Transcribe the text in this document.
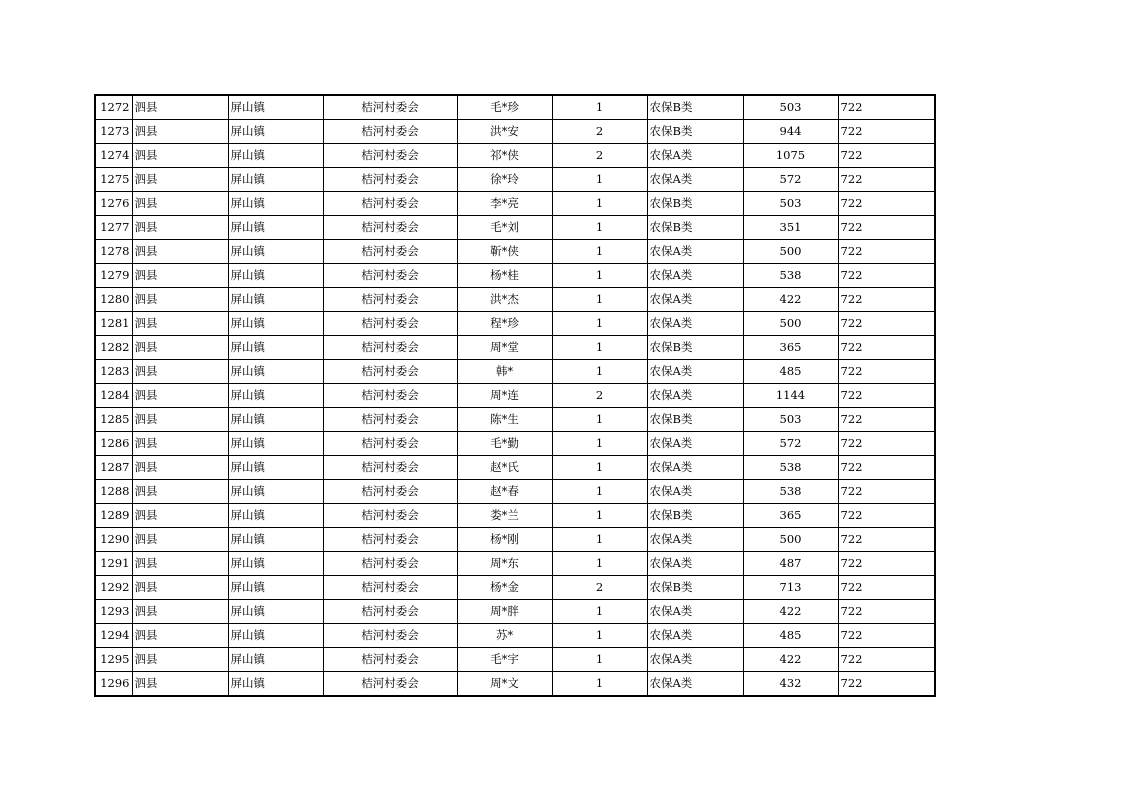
1272	泗县	屏山镇	桔河村委会	毛*珍	1	农保B类	503	722
1273	泗县	屏山镇	桔河村委会	洪*安	2	农保B类	944	722
1274	泗县	屏山镇	桔河村委会	祁*侠	2	农保A类	1075	722
1275	泗县	屏山镇	桔河村委会	徐*玲	1	农保A类	572	722
1276	泗县	屏山镇	桔河村委会	李*亮	1	农保B类	503	722
1277	泗县	屏山镇	桔河村委会	毛*刘	1	农保B类	351	722
1278	泗县	屏山镇	桔河村委会	靳*侠	1	农保A类	500	722
1279	泗县	屏山镇	桔河村委会	杨*桂	1	农保A类	538	722
1280	泗县	屏山镇	桔河村委会	洪*杰	1	农保A类	422	722
1281	泗县	屏山镇	桔河村委会	程*珍	1	农保A类	500	722
1282	泗县	屏山镇	桔河村委会	周*堂	1	农保B类	365	722
1283	泗县	屏山镇	桔河村委会	韩*	1	农保A类	485	722
1284	泗县	屏山镇	桔河村委会	周*连	2	农保A类	1144	722
1285	泗县	屏山镇	桔河村委会	陈*生	1	农保B类	503	722
1286	泗县	屏山镇	桔河村委会	毛*勤	1	农保A类	572	722
1287	泗县	屏山镇	桔河村委会	赵*氏	1	农保A类	538	722
1288	泗县	屏山镇	桔河村委会	赵*春	1	农保A类	538	722
1289	泗县	屏山镇	桔河村委会	娄*兰	1	农保B类	365	722
1290	泗县	屏山镇	桔河村委会	杨*刚	1	农保A类	500	722
1291	泗县	屏山镇	桔河村委会	周*东	1	农保A类	487	722
1292	泗县	屏山镇	桔河村委会	杨*金	2	农保B类	713	722
1293	泗县	屏山镇	桔河村委会	周*胖	1	农保A类	422	722
1294	泗县	屏山镇	桔河村委会	苏*	1	农保A类	485	722
1295	泗县	屏山镇	桔河村委会	毛*宇	1	农保A类	422	722
1296	泗县	屏山镇	桔河村委会	周*文	1	农保A类	432	722
